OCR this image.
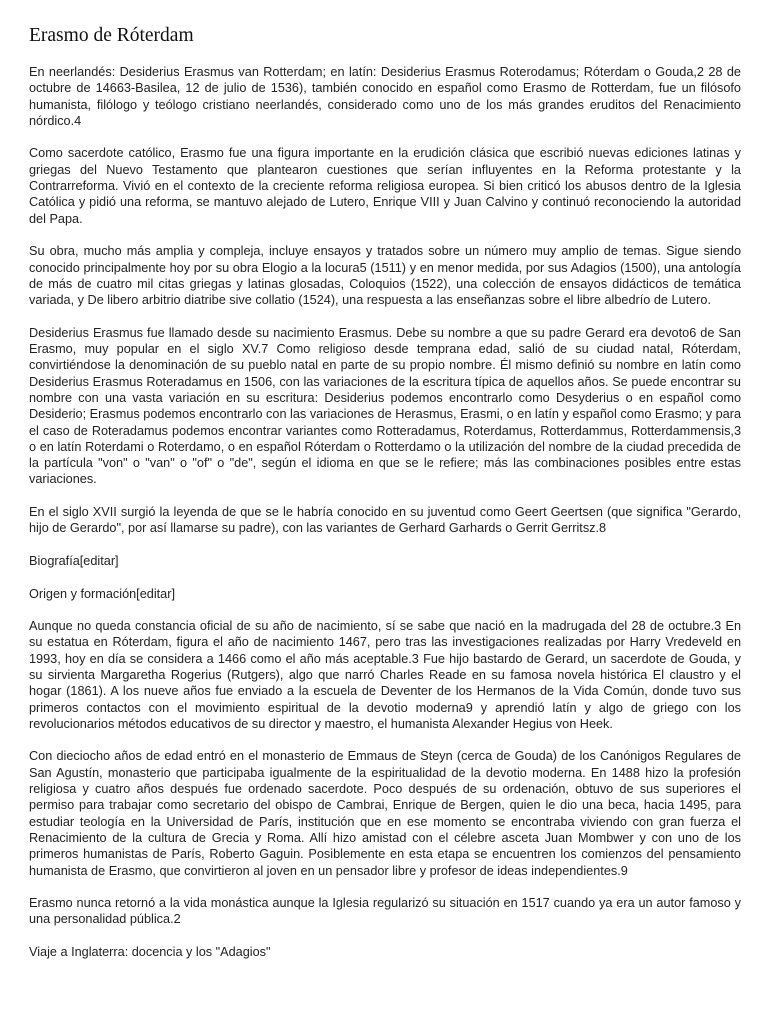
Erasmo de Róterdam

En neerlandés: Desiderius Erasmus van Rotterdam; en latín: Desiderius Erasmus Roterodamus; Róterdam o Gouda,2 28 de octubre de 14663-Basilea, 12 de julio de 1536), también conocido en español como Erasmo de Rotterdam, fue un filósofo humanista, filólogo y teólogo cristiano neerlandés, considerado como uno de los más grandes eruditos del Renacimiento nórdico.4

Como sacerdote católico, Erasmo fue una figura importante en la erudición clásica que escribió nuevas ediciones latinas y griegas del Nuevo Testamento que plantearon cuestiones que serían influyentes en la Reforma protestante y la Contrarreforma. Vivió en el contexto de la creciente reforma religiosa europea. Si bien criticó los abusos dentro de la Iglesia Católica y pidió una reforma, se mantuvo alejado de Lutero, Enrique VIII y Juan Calvino y continuó reconociendo la autoridad del Papa.

Su obra, mucho más amplia y compleja, incluye ensayos y tratados sobre un número muy amplio de temas. Sigue siendo conocido principalmente hoy por su obra Elogio a la locura5 (1511) y en menor medida, por sus Adagios (1500), una antología de más de cuatro mil citas griegas y latinas glosadas, Coloquios (1522), una colección de ensayos didácticos de temática variada, y De libero arbitrio diatribe sive collatio (1524), una respuesta a las enseñanzas sobre el libre albedrío de Lutero.

Desiderius Erasmus fue llamado desde su nacimiento Erasmus. Debe su nombre a que su padre Gerard era devoto6 de San Erasmo, muy popular en el siglo XV.7 Como religioso desde temprana edad, salió de su ciudad natal, Róterdam, convirtiéndose la denominación de su pueblo natal en parte de su propio nombre. Él mismo definió su nombre en latín como Desiderius Erasmus Roteradamus en 1506, con las variaciones de la escritura típica de aquellos años. Se puede encontrar su nombre con una vasta variación en su escritura: Desiderius podemos encontrarlo como Desyderius o en español como Desiderio; Erasmus podemos encontrarlo con las variaciones de Herasmus, Erasmi, o en latín y español como Erasmo; y para el caso de Roteradamus podemos encontrar variantes como Rotteradamus, Roterdamus, Rotterdammus, Rotterdammensis,3 o en latín Roterdami o Roterdamo, o en español Róterdam o Rotterdamo o la utilización del nombre de la ciudad precedida de la partícula "von" o "van" o "of" o "de", según el idioma en que se le refiere; más las combinaciones posibles entre estas variaciones.

En el siglo XVII surgió la leyenda de que se le habría conocido en su juventud como Geert Geertsen (que significa "Gerardo, hijo de Gerardo", por así llamarse su padre), con las variantes de Gerhard Garhards o Gerrit Gerritsz.8

Biografía[editar]

Origen y formación[editar]

Aunque no queda constancia oficial de su año de nacimiento, sí se sabe que nació en la madrugada del 28 de octubre.3 En su estatua en Róterdam, figura el año de nacimiento 1467, pero tras las investigaciones realizadas por Harry Vredeveld en 1993, hoy en día se considera a 1466 como el año más aceptable.3 Fue hijo bastardo de Gerard, un sacerdote de Gouda, y su sirvienta Margaretha Rogerius (Rutgers), algo que narró Charles Reade en su famosa novela histórica El claustro y el hogar (1861). A los nueve años fue enviado a la escuela de Deventer de los Hermanos de la Vida Común, donde tuvo sus primeros contactos con el movimiento espiritual de la devotio moderna9 y aprendió latín y algo de griego con los revolucionarios métodos educativos de su director y maestro, el humanista Alexander Hegius von Heek.

Con dieciocho años de edad entró en el monasterio de Emmaus de Steyn (cerca de Gouda) de los Canónigos Regulares de San Agustín, monasterio que participaba igualmente de la espiritualidad de la devotio moderna. En 1488 hizo la profesión religiosa y cuatro años después fue ordenado sacerdote. Poco después de su ordenación, obtuvo de sus superiores el permiso para trabajar como secretario del obispo de Cambrai, Enrique de Bergen, quien le dio una beca, hacia 1495, para estudiar teología en la Universidad de París, institución que en ese momento se encontraba viviendo con gran fuerza el Renacimiento de la cultura de Grecia y Roma. Allí hizo amistad con el célebre asceta Juan Mombwer y con uno de los primeros humanistas de París, Roberto Gaguin. Posiblemente en esta etapa se encuentren los comienzos del pensamiento humanista de Erasmo, que convirtieron al joven en un pensador libre y profesor de ideas independientes.9

Erasmo nunca retornó a la vida monástica aunque la Iglesia regularizó su situación en 1517 cuando ya era un autor famoso y una personalidad pública.2

Viaje a Inglaterra: docencia y los "Adagios"
